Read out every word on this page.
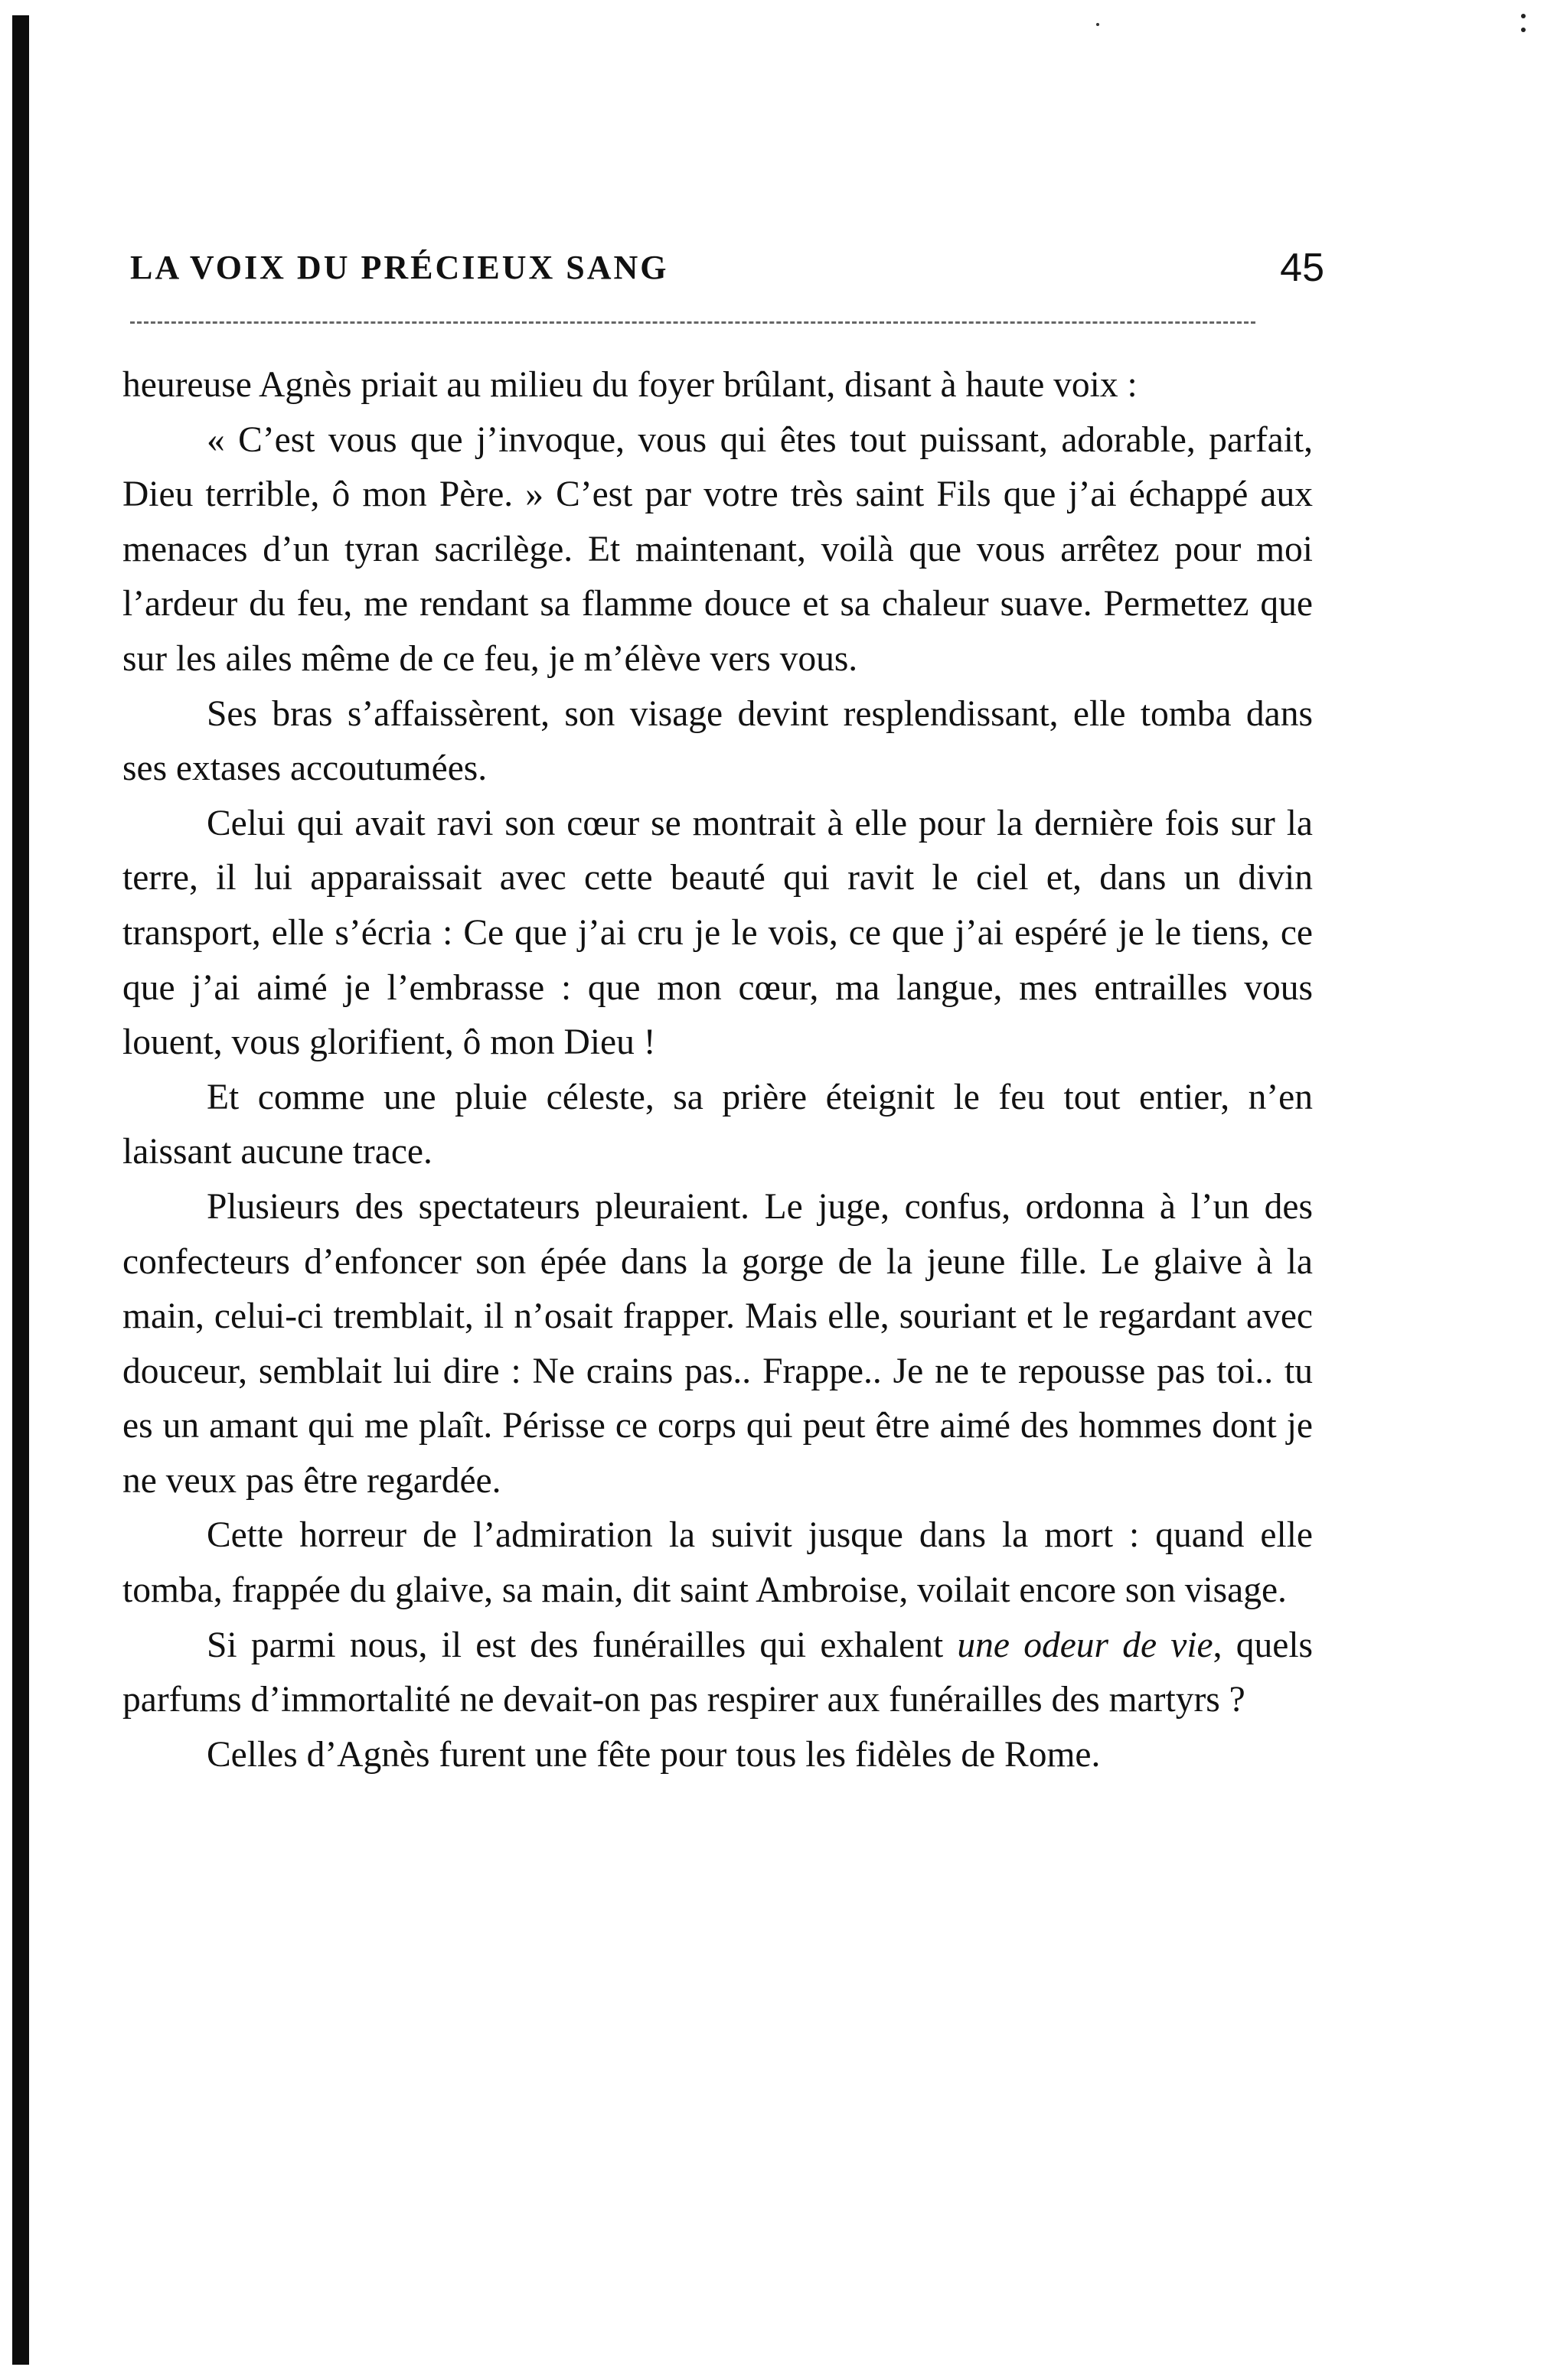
LA VOIX DU PRÉCIEUX SANG	45

heureuse Agnès priait au milieu du foyer brûlant, disant à haute voix :

« C’est vous que j’invoque, vous qui êtes tout puissant, adorable, parfait, Dieu terrible, ô mon Père. » C’est par votre très saint Fils que j’ai échappé aux menaces d’un tyran sacrilège. Et maintenant, voilà que vous arrêtez pour moi l’ardeur du feu, me rendant sa flamme douce et sa chaleur suave. Permettez que sur les ailes même de ce feu, je m’élève vers vous.

Ses bras s’affaissèrent, son visage devint resplendissant, elle tomba dans ses extases accoutumées.

Celui qui avait ravi son cœur se montrait à elle pour la dernière fois sur la terre, il lui apparaissait avec cette beauté qui ravit le ciel et, dans un divin transport, elle s’écria : Ce que j’ai cru je le vois, ce que j’ai espéré je le tiens, ce que j’ai aimé je l’embrasse : que mon cœur, ma langue, mes entrailles vous louent, vous glorifient, ô mon Dieu !

Et comme une pluie céleste, sa prière éteignit le feu tout entier, n’en laissant aucune trace.

Plusieurs des spectateurs pleuraient. Le juge, confus, ordonna à l’un des confecteurs d’enfoncer son épée dans la gorge de la jeune fille. Le glaive à la main, celui-ci tremblait, il n’osait frapper. Mais elle, souriant et le regardant avec douceur, semblait lui dire : Ne crains pas.. Frappe.. Je ne te repousse pas toi.. tu es un amant qui me plaît. Périsse ce corps qui peut être aimé des hommes dont je ne veux pas être regardée.

Cette horreur de l’admiration la suivit jusque dans la mort : quand elle tomba, frappée du glaive, sa main, dit saint Ambroise, voilait encore son visage.

Si parmi nous, il est des funérailles qui exhalent une odeur de vie, quels parfums d’immortalité ne devait-on pas respirer aux funérailles des martyrs ?

Celles d’Agnès furent une fête pour tous les fidèles de Rome.
